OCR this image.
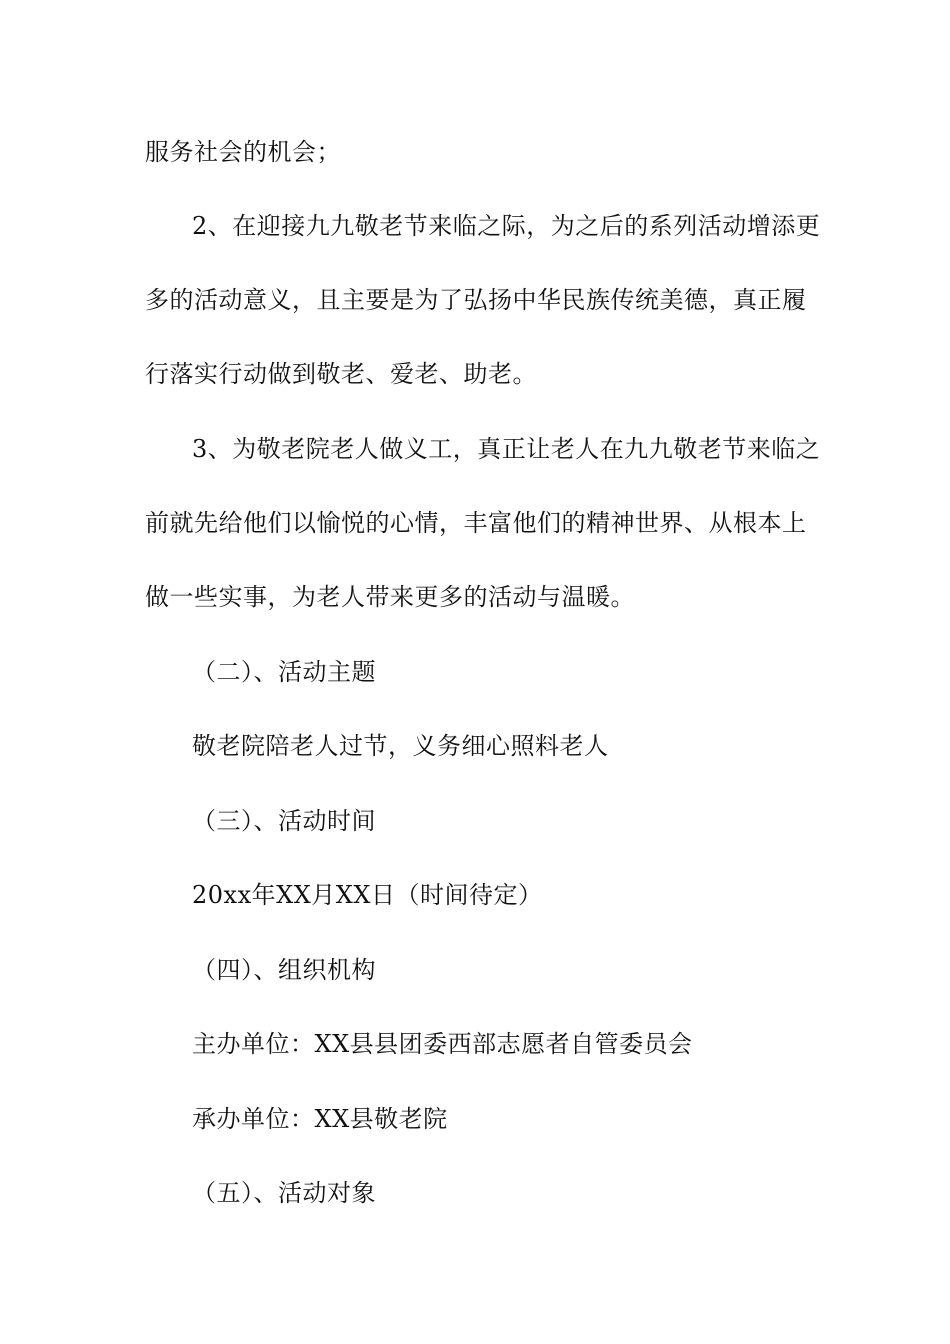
服务社会的机会；
2、在迎接九九敬老节来临之际，为之后的系列活动增添更
多的活动意义，且主要是为了弘扬中华民族传统美德，真正履
行落实行动做到敬老、爱老、助老。
3、为敬老院老人做义工，真正让老人在九九敬老节来临之
前就先给他们以愉悦的心情，丰富他们的精神世界、从根本上
做一些实事，为老人带来更多的活动与温暖。
（二）、活动主题
敬老院陪老人过节，义务细心照料老人
（三）、活动时间
20xx年XX月XX日（时间待定）
（四）、组织机构
主办单位：XX县县团委西部志愿者自管委员会
承办单位：XX县敬老院
（五）、活动对象
